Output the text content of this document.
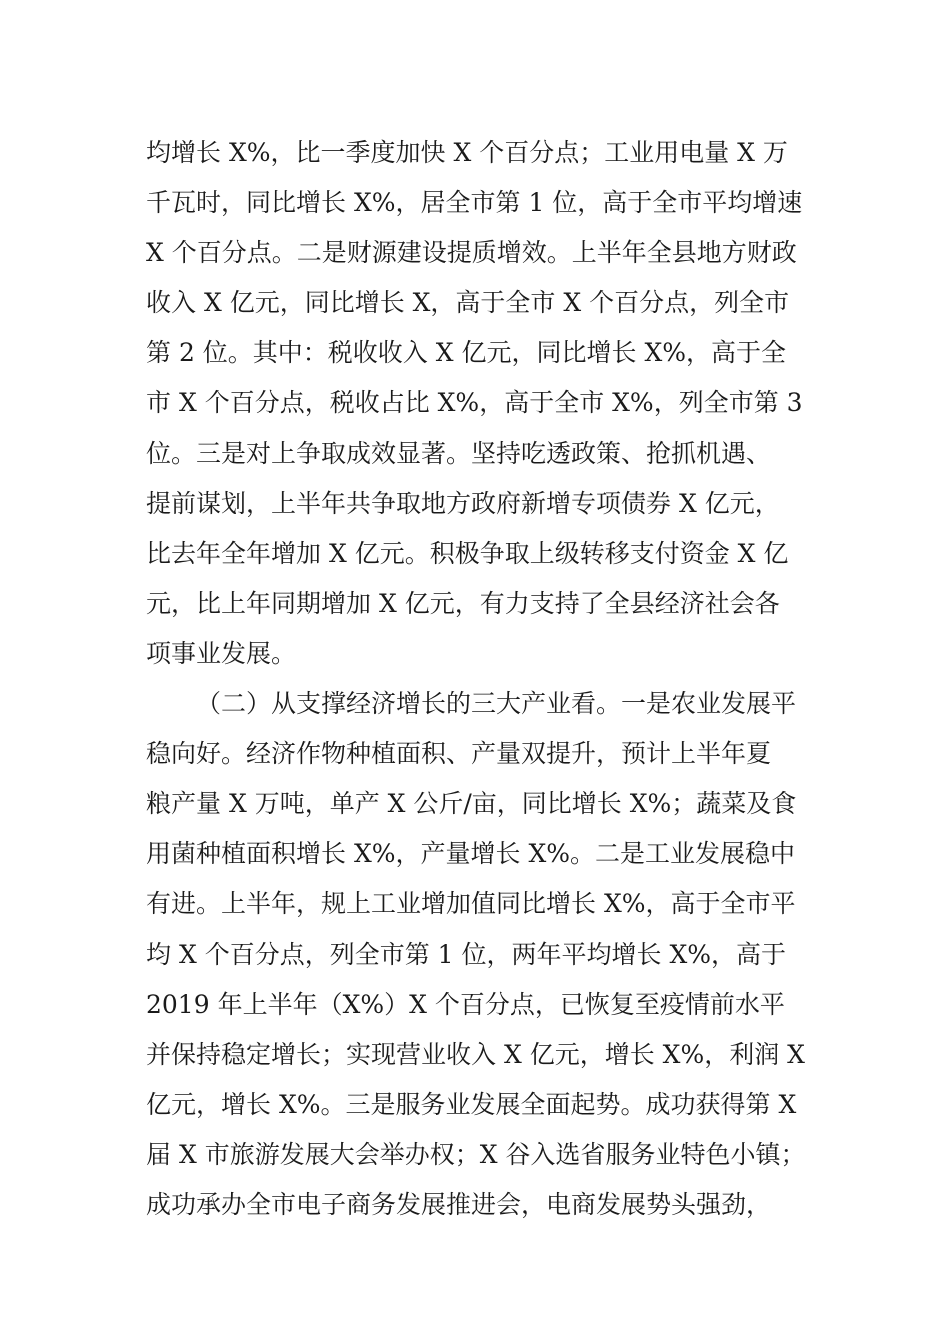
均增长 X%，比一季度加快 X 个百分点；工业用电量 X 万
千瓦时，同比增长 X%，居全市第 1 位，高于全市平均增速
X 个百分点。二是财源建设提质增效。上半年全县地方财政
收入 X 亿元，同比增长 X，高于全市 X 个百分点，列全市
第 2 位。其中：税收收入 X 亿元，同比增长 X%，高于全
市 X 个百分点，税收占比 X%，高于全市 X%，列全市第 3
位。三是对上争取成效显著。坚持吃透政策、抢抓机遇、
提前谋划，上半年共争取地方政府新增专项债券 X 亿元，
比去年全年增加 X 亿元。积极争取上级转移支付资金 X 亿
元，比上年同期增加 X 亿元，有力支持了全县经济社会各
项事业发展。
（二）从支撑经济增长的三大产业看。一是农业发展平
稳向好。经济作物种植面积、产量双提升，预计上半年夏
粮产量 X 万吨，单产 X 公斤/亩，同比增长 X%；蔬菜及食
用菌种植面积增长 X%，产量增长 X%。二是工业发展稳中
有进。上半年，规上工业增加值同比增长 X%，高于全市平
均 X 个百分点，列全市第 1 位，两年平均增长 X%，高于
2019 年上半年（X%）X 个百分点，已恢复至疫情前水平
并保持稳定增长；实现营业收入 X 亿元，增长 X%，利润 X
亿元，增长 X%。三是服务业发展全面起势。成功获得第 X
届 X 市旅游发展大会举办权；X 谷入选省服务业特色小镇；
成功承办全市电子商务发展推进会，电商发展势头强劲，
